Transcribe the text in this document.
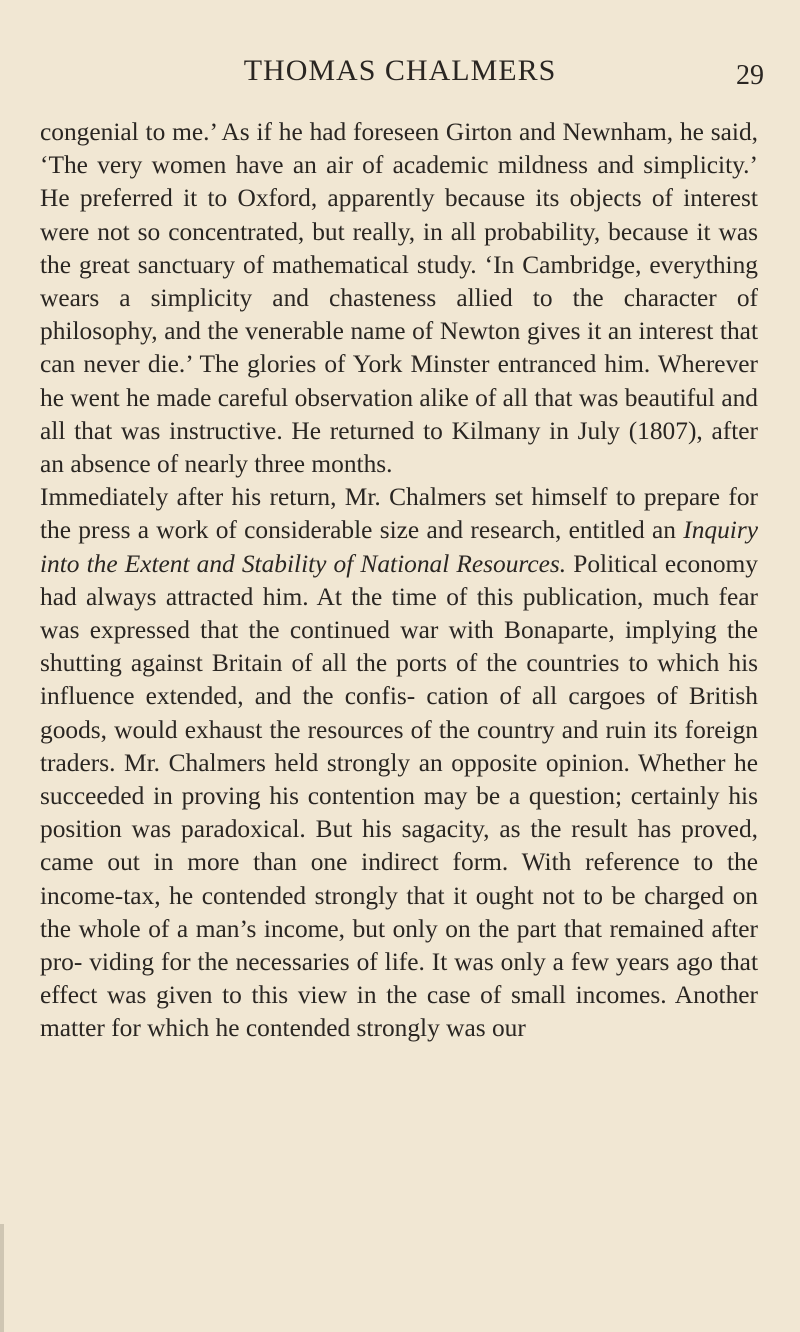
THOMAS CHALMERS	29

congenial to me.’ As if he had foreseen Girton and Newnham, he said, ‘The very women have an air of academic mildness and simplicity.’ He preferred it to Oxford, apparently because its objects of interest were not so concentrated, but really, in all probability, because it was the great sanctuary of mathematical study. ‘In Cambridge, everything wears a simplicity and chasteness allied to the character of philosophy, and the venerable name of Newton gives it an interest that can never die.’ The glories of York Minster entranced him. Wherever he went he made careful observation alike of all that was beautiful and all that was instructive. He returned to Kilmany in July (1807), after an absence of nearly three months.

Immediately after his return, Mr. Chalmers set himself to prepare for the press a work of considerable size and research, entitled an Inquiry into the Extent and Stability of National Resources. Political economy had always attracted him. At the time of this publication, much fear was expressed that the continued war with Bonaparte, implying the shutting against Britain of all the ports of the countries to which his influence extended, and the confis- cation of all cargoes of British goods, would exhaust the resources of the country and ruin its foreign traders. Mr. Chalmers held strongly an opposite opinion. Whether he succeeded in proving his contention may be a question; certainly his position was paradoxical. But his sagacity, as the result has proved, came out in more than one indirect form. With reference to the income-tax, he contended strongly that it ought not to be charged on the whole of a man’s income, but only on the part that remained after pro- viding for the necessaries of life. It was only a few years ago that effect was given to this view in the case of small incomes. Another matter for which he contended strongly was our
